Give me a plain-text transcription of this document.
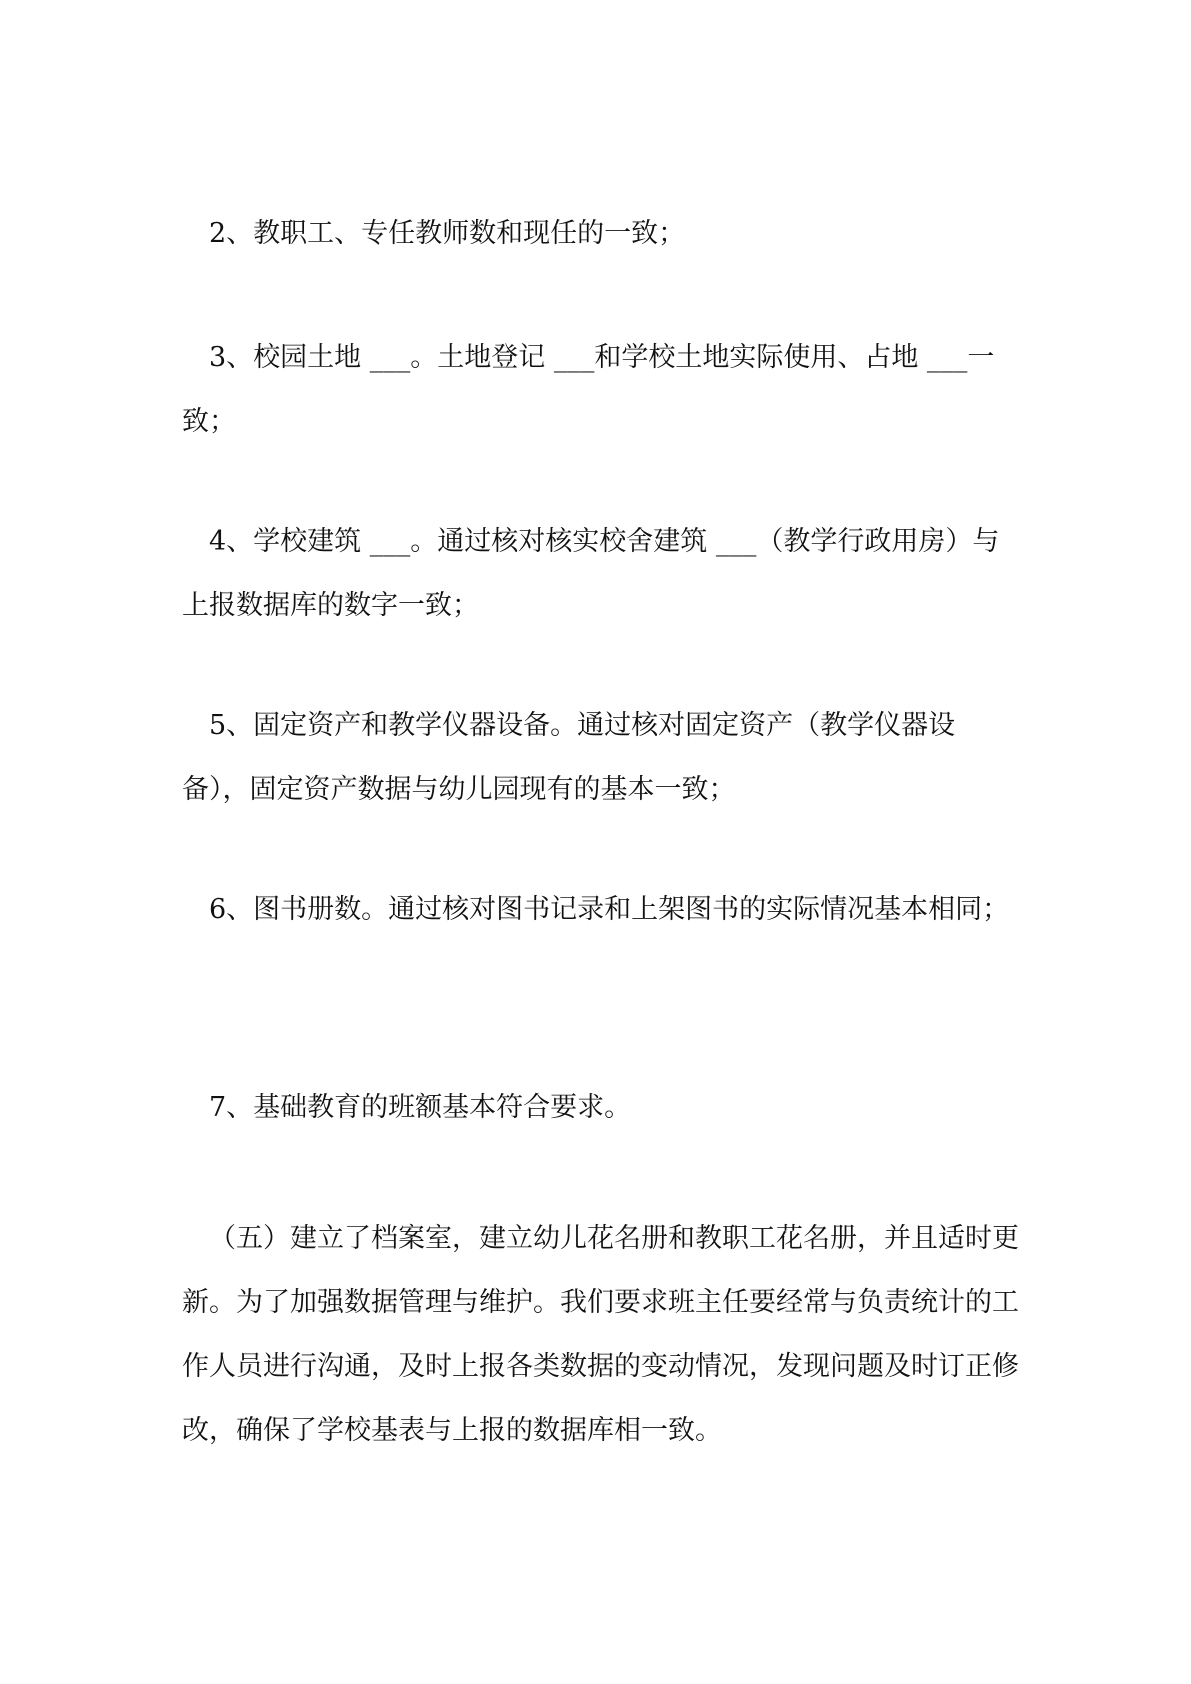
2、教职工、专任教师数和现任的一致；

3、校园土地 ___。土地登记 ___和学校土地实际使用、占地 ___一致；

4、学校建筑 ___。通过核对核实校舍建筑 ___（教学行政用房）与上报数据库的数字一致；

5、固定资产和教学仪器设备。通过核对固定资产（教学仪器设备），固定资产数据与幼儿园现有的基本一致；

6、图书册数。通过核对图书记录和上架图书的实际情况基本相同；

7、基础教育的班额基本符合要求。

（五）建立了档案室，建立幼儿花名册和教职工花名册，并且适时更新。为了加强数据管理与维护。我们要求班主任要经常与负责统计的工作人员进行沟通，及时上报各类数据的变动情况，发现问题及时订正修改，确保了学校基表与上报的数据库相一致。
